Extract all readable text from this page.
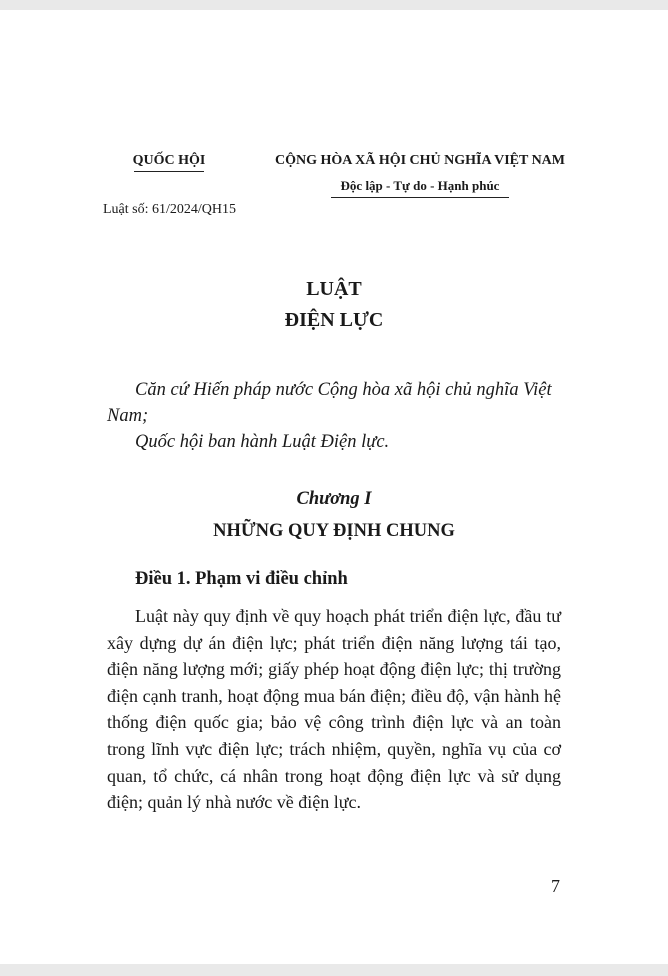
QUỐC HỘI	CỘNG HÒA XÃ HỘI CHỦ NGHĨA VIỆT NAM
Độc lập - Tự do - Hạnh phúc
Luật số: 61/2024/QH15
LUẬT
ĐIỆN LỰC

Căn cứ Hiến pháp nước Cộng hòa xã hội chủ nghĩa Việt Nam;

Quốc hội ban hành Luật Điện lực.

Chương I
NHỮNG QUY ĐỊNH CHUNG
Điều 1. Phạm vi điều chỉnh
Luật này quy định về quy hoạch phát triển điện lực, đầu tư xây dựng dự án điện lực; phát triển điện năng lượng tái tạo, điện năng lượng mới; giấy phép hoạt động điện lực; thị trường điện cạnh tranh, hoạt động mua bán điện; điều độ, vận hành hệ thống điện quốc gia; bảo vệ công trình điện lực và an toàn trong lĩnh vực điện lực; trách nhiệm, quyền, nghĩa vụ của cơ quan, tổ chức, cá nhân trong hoạt động điện lực và sử dụng điện; quản lý nhà nước về điện lực.
7
